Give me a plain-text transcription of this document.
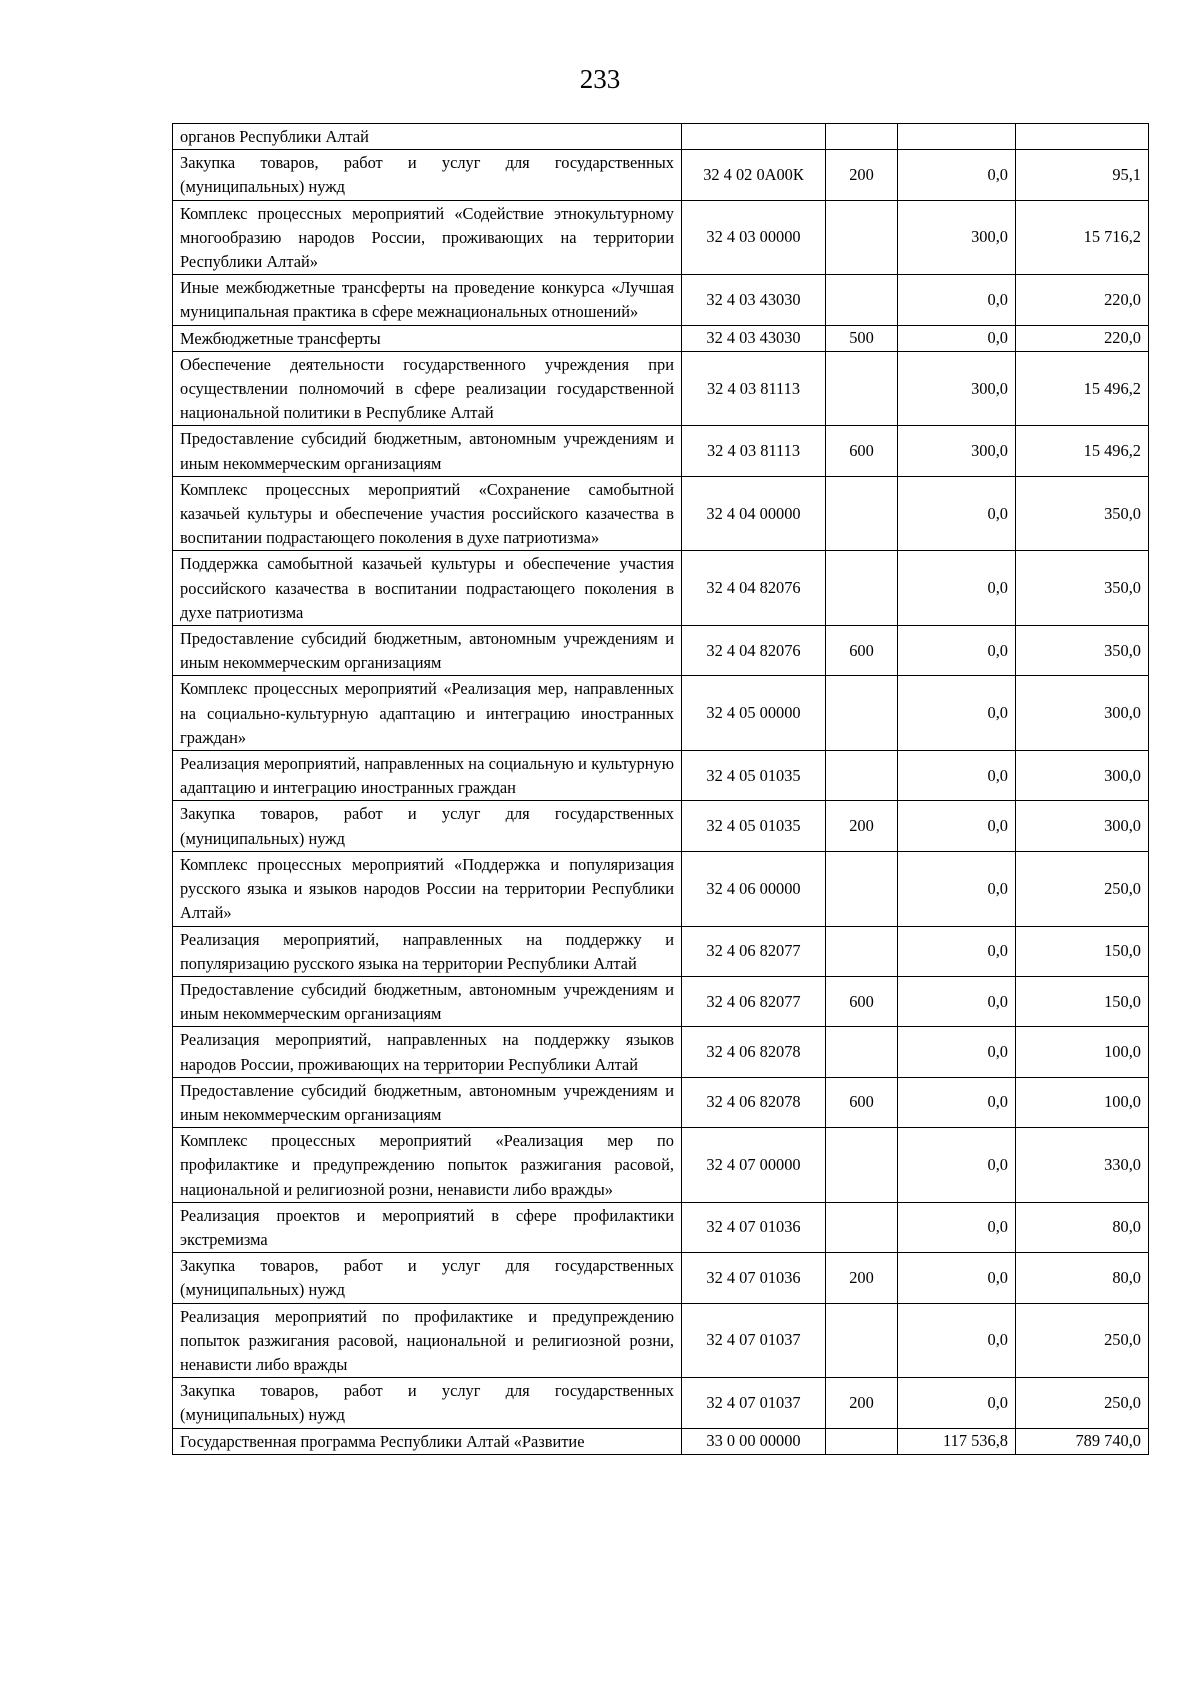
233
органов Республики Алтай				

Закупка товаров, работ и услуг для государственных (муниципальных) нужд	32 4 02 0А00К	200	0,0	95,1

Комплекс процессных мероприятий «Содействие этнокультурному многообразию народов России, проживающих на территории Республики Алтай»	32 4 03 00000		300,0	15 716,2

Иные межбюджетные трансферты на проведение конкурса «Лучшая муниципальная практика в сфере межнациональных отношений»	32 4 03 43030		0,0	220,0

Межбюджетные трансферты	32 4 03 43030	500	0,0	220,0

Обеспечение деятельности государственного учреждения при осуществлении полномочий в сфере реализации государственной национальной политики в Республике Алтай	32 4 03 81113		300,0	15 496,2

Предоставление субсидий бюджетным, автономным учреждениям и иным некоммерческим организациям	32 4 03 81113	600	300,0	15 496,2

Комплекс процессных мероприятий «Сохранение самобытной казачьей культуры и обеспечение участия российского казачества в воспитании подрастающего поколения в духе патриотизма»	32 4 04 00000		0,0	350,0

Поддержка самобытной казачьей культуры и обеспечение участия российского казачества в воспитании подрастающего поколения в духе патриотизма	32 4 04 82076		0,0	350,0

Предоставление субсидий бюджетным, автономным учреждениям и иным некоммерческим организациям	32 4 04 82076	600	0,0	350,0

Комплекс процессных мероприятий «Реализация мер, направленных на социально-культурную адаптацию и интеграцию иностранных граждан»	32 4 05 00000		0,0	300,0

Реализация мероприятий, направленных на социальную и культурную адаптацию и интеграцию иностранных граждан	32 4 05 01035		0,0	300,0

Закупка товаров, работ и услуг для государственных (муниципальных) нужд	32 4 05 01035	200	0,0	300,0

Комплекс процессных мероприятий «Поддержка и популяризация русского языка и языков народов России на территории Республики Алтай»	32 4 06 00000		0,0	250,0

Реализация мероприятий, направленных на поддержку и популяризацию русского языка на территории Республики Алтай	32 4 06 82077		0,0	150,0

Предоставление субсидий бюджетным, автономным учреждениям и иным некоммерческим организациям	32 4 06 82077	600	0,0	150,0

Реализация мероприятий, направленных на поддержку языков народов России, проживающих на территории Республики Алтай	32 4 06 82078		0,0	100,0

Предоставление субсидий бюджетным, автономным учреждениям и иным некоммерческим организациям	32 4 06 82078	600	0,0	100,0

Комплекс процессных мероприятий «Реализация мер по профилактике и предупреждению попыток разжигания расовой, национальной и религиозной розни, ненависти либо вражды»	32 4 07 00000		0,0	330,0

Реализация проектов и мероприятий в сфере профилактики экстремизма	32 4 07 01036		0,0	80,0

Закупка товаров, работ и услуг для государственных (муниципальных) нужд	32 4 07 01036	200	0,0	80,0

Реализация мероприятий по профилактике и предупреждению попыток разжигания расовой, национальной и религиозной розни, ненависти либо вражды	32 4 07 01037		0,0	250,0

Закупка товаров, работ и услуг для государственных (муниципальных) нужд	32 4 07 01037	200	0,0	250,0

Государственная программа Республики Алтай «Развитие	33 0 00 00000		117 536,8	789 740,0
